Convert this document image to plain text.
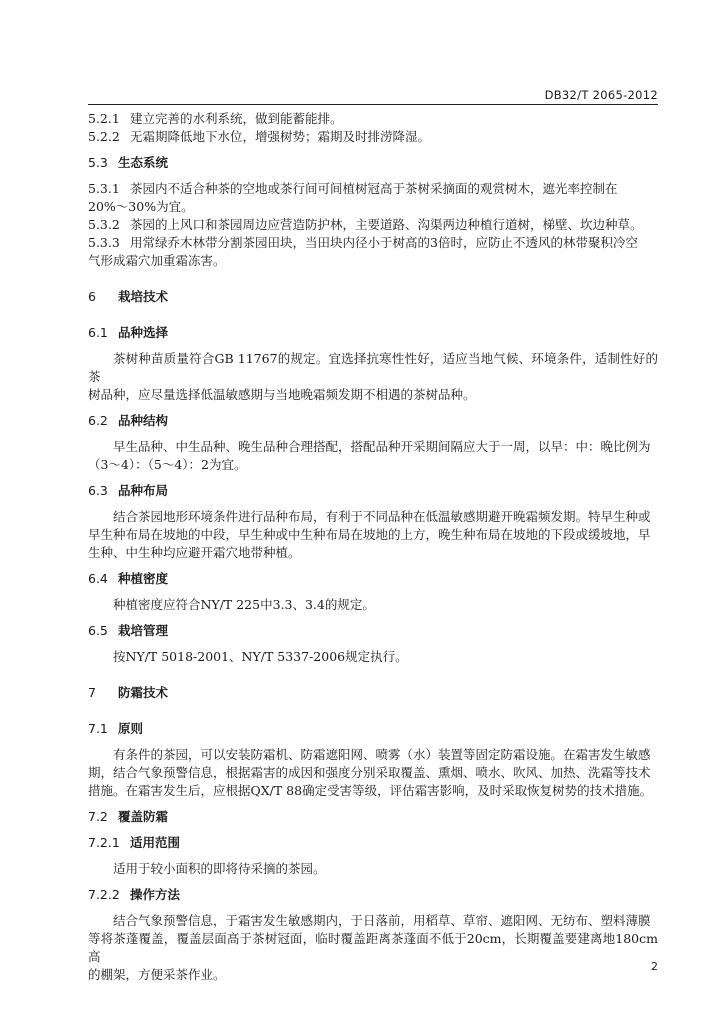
DB32/T 2065-2012

5.2.1 建立完善的水利系统，做到能蓄能排。

5.2.2 无霜期降低地下水位，增强树势；霜期及时排涝降湿。

5.3 生态系统

5.3.1 茶园内不适合种茶的空地或茶行间可间植树冠高于茶树采摘面的观赏树木，遮光率控制在

20%～30%为宜。

5.3.2 茶园的上风口和茶园周边应营造防护林，主要道路、沟渠两边种植行道树，梯壁、坎边种草。

5.3.3 用常绿乔木林带分割茶园田块，当田块内径小于树高的3倍时，应防止不透风的林带聚积冷空

气形成霜穴加重霜冻害。

6 栽培技术

6.1 品种选择

茶树种苗质量符合GB 11767的规定。宜选择抗寒性性好，适应当地气候、环境条件，适制性好的茶

树品种，应尽量选择低温敏感期与当地晚霜频发期不相遇的茶树品种。

6.2 品种结构

早生品种、中生品种、晚生品种合理搭配，搭配品种开采期间隔应大于一周，以早：中：晚比例为

（3～4）：（5～4）：2为宜。

6.3 品种布局

结合茶园地形环境条件进行品种布局，有利于不同品种在低温敏感期避开晚霜频发期。特早生种或

早生种布局在坡地的中段，早生种或中生种布局在坡地的上方，晚生种布局在坡地的下段或缓坡地，早

生种、中生种均应避开霜穴地带种植。

6.4 种植密度

种植密度应符合NY/T 225中3.3、3.4的规定。

6.5 栽培管理

按NY/T 5018-2001、NY/T 5337-2006规定执行。

7 防霜技术

7.1 原则

有条件的茶园，可以安装防霜机、防霜遮阳网、喷雾（水）装置等固定防霜设施。在霜害发生敏感

期，结合气象预警信息，根据霜害的成因和强度分别采取覆盖、熏烟、喷水、吹风、加热、洗霜等技术

措施。在霜害发生后，应根据QX/T 88确定受害等级，评估霜害影响，及时采取恢复树势的技术措施。

7.2 覆盖防霜

7.2.1 适用范围

适用于较小面积的即将待采摘的茶园。

7.2.2 操作方法

结合气象预警信息，于霜害发生敏感期内，于日落前，用稻草、草帘、遮阳网、无纺布、塑料薄膜

等将茶蓬覆盖，覆盖层面高于茶树冠面，临时覆盖距离茶蓬面不低于20cm，长期覆盖要建离地180cm高

的棚架，方便采茶作业。

2
